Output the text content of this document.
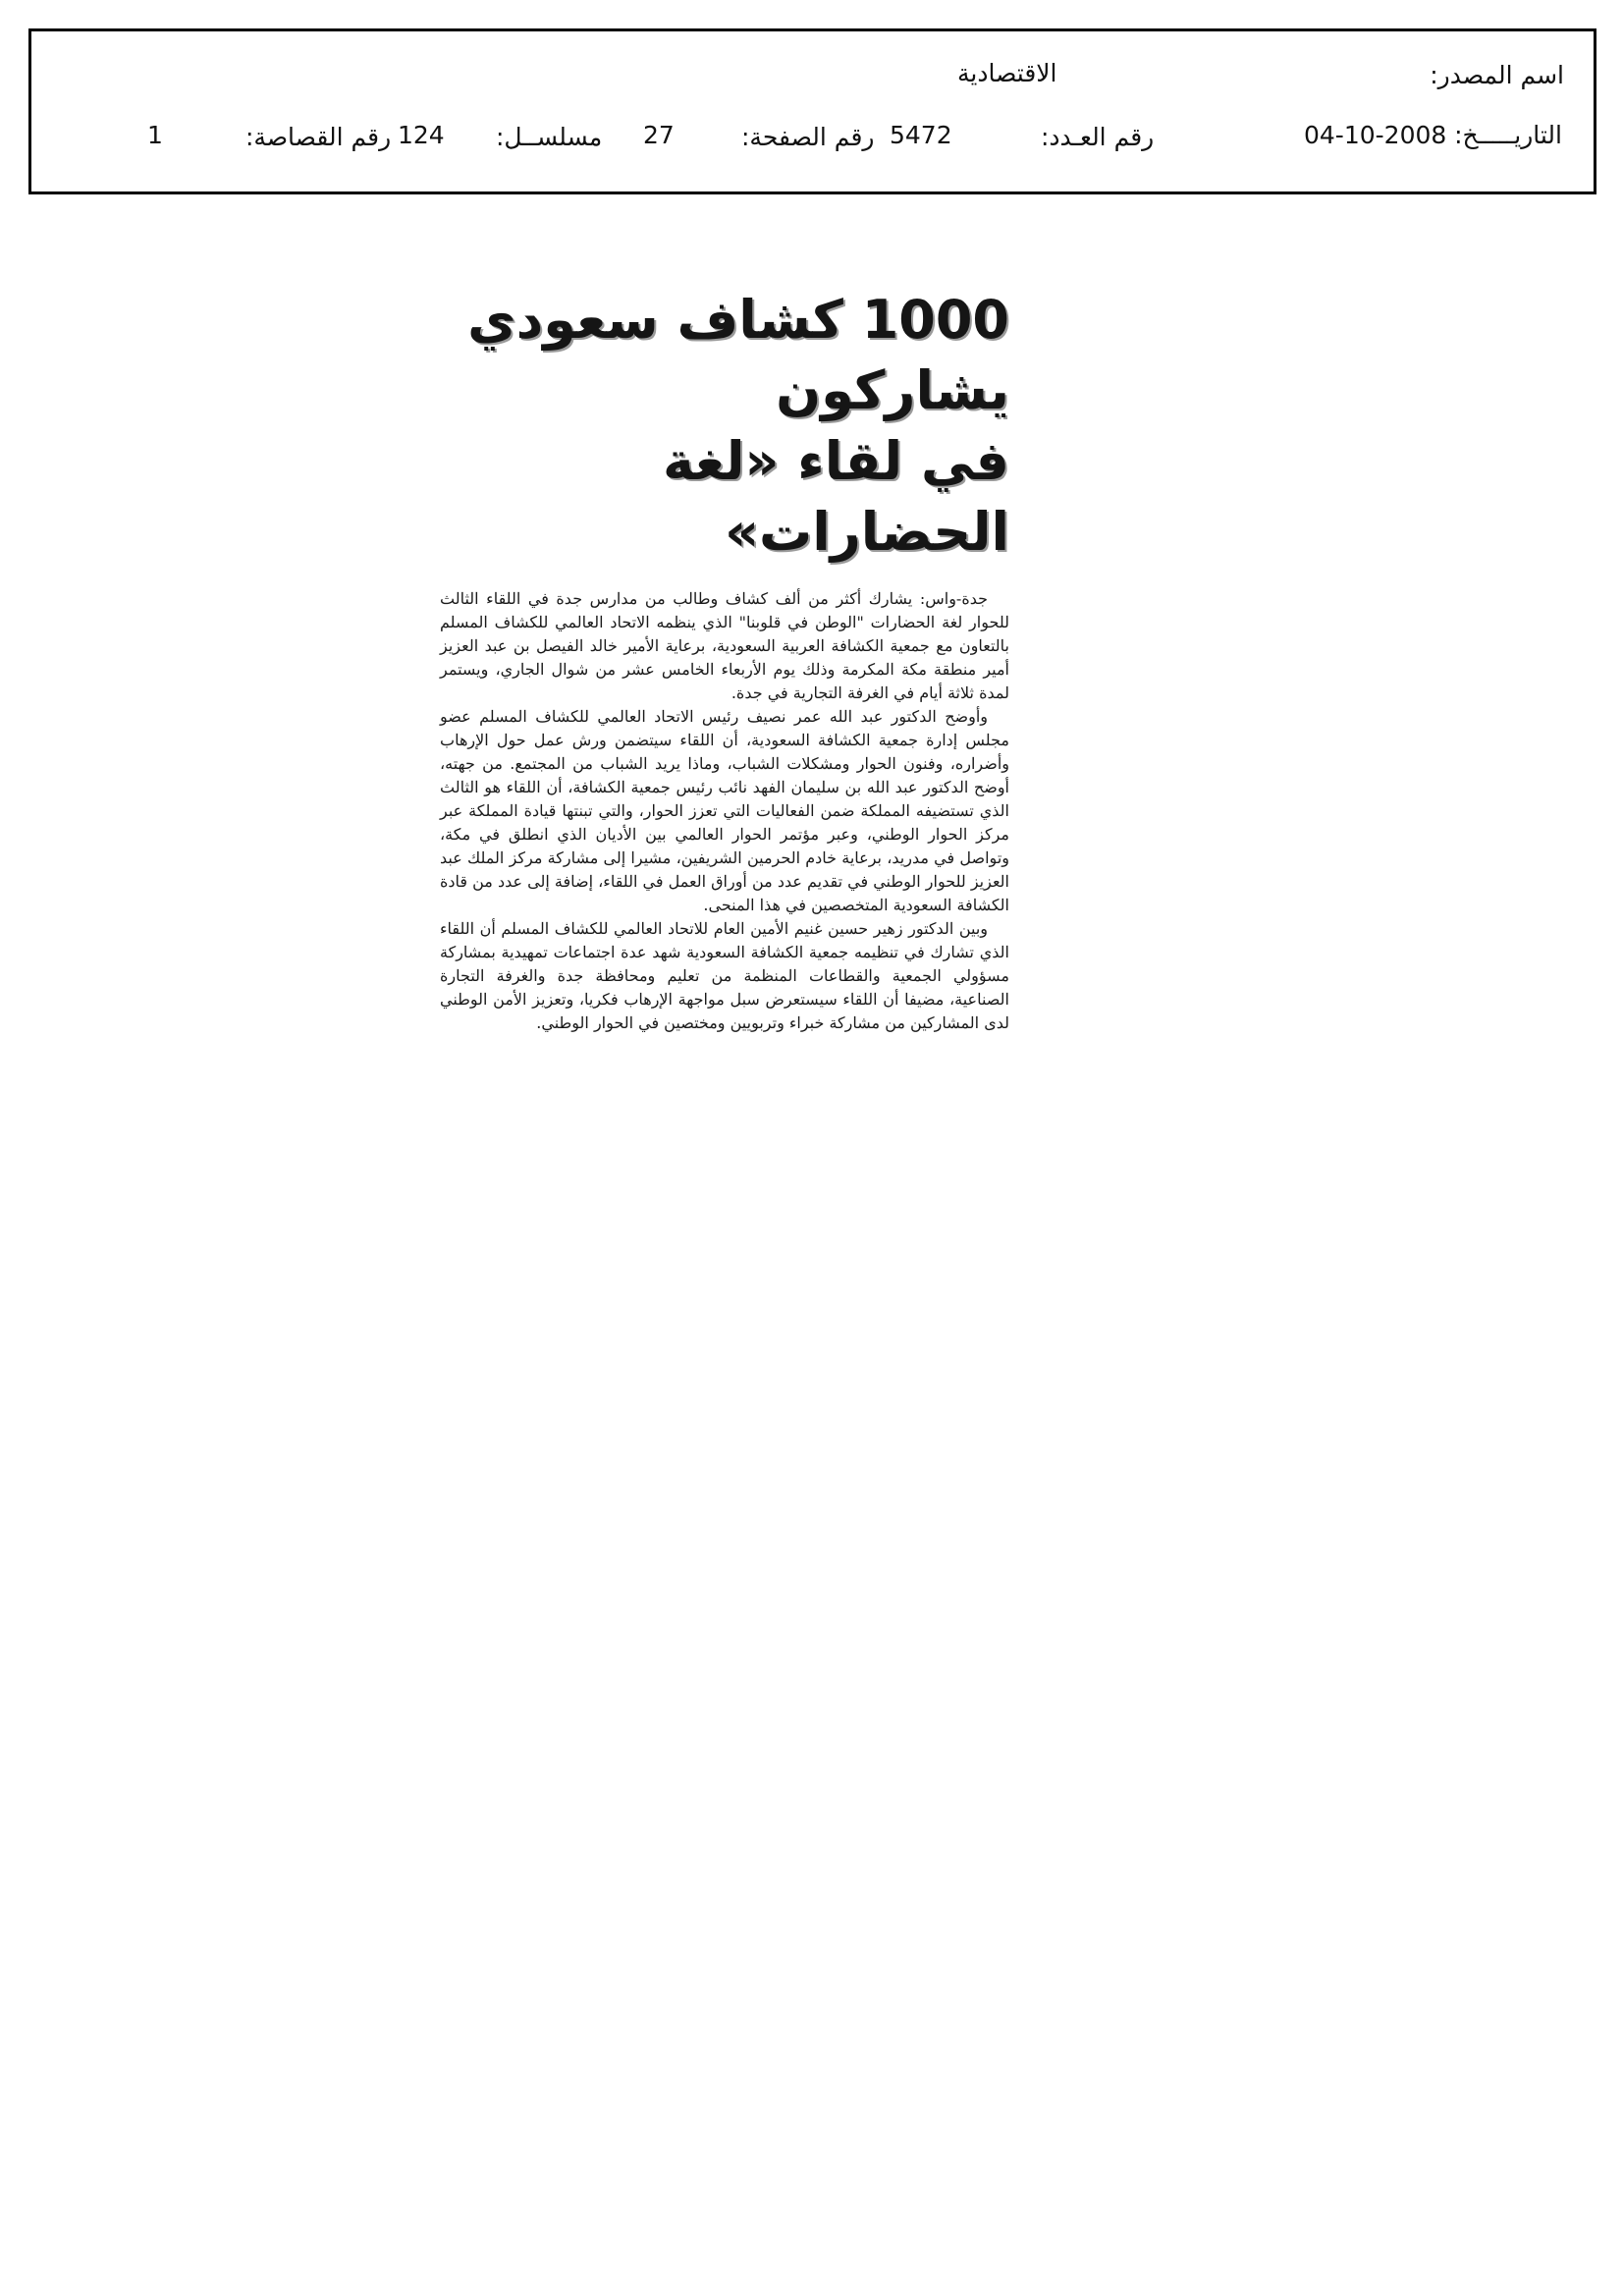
اسم المصدر:
الاقتصادية
التاريـــــخ:
04-10-2008
رقم العـدد:
5472
رقم الصفحة:
27
مسلســل:
124
رقم القصاصة:
1
1000 كشاف سعودي يشاركون
في لقاء «لغة الحضارات»

جدة-واس: يشارك أكثر من ألف كشاف وطالب من مدارس جدة في اللقاء الثالث للحوار لغة الحضارات "الوطن في قلوبنا" الذي ينظمه الاتحاد العالمي للكشاف المسلم بالتعاون مع جمعية الكشافة العربية السعودية، برعاية الأمير خالد الفيصل بن عبد العزيز أمير منطقة مكة المكرمة وذلك يوم الأربعاء الخامس عشر من شوال الجاري، ويستمر لمدة ثلاثة أيام في الغرفة التجارية في جدة.

وأوضح الدكتور عبد الله عمر نصيف رئيس الاتحاد العالمي للكشاف المسلم عضو مجلس إدارة جمعية الكشافة السعودية، أن اللقاء سيتضمن ورش عمل حول الإرهاب وأضراره، وفنون الحوار ومشكلات الشباب، وماذا يريد الشباب من المجتمع. من جهته، أوضح الدكتور عبد الله بن سليمان الفهد نائب رئيس جمعية الكشافة، أن اللقاء هو الثالث الذي تستضيفه المملكة ضمن الفعاليات التي تعزز الحوار، والتي تبنتها قيادة المملكة عبر مركز الحوار الوطني، وعبر مؤتمر الحوار العالمي بين الأديان الذي انطلق في مكة، وتواصل في مدريد، برعاية خادم الحرمين الشريفين، مشيرا إلى مشاركة مركز الملك عبد العزيز للحوار الوطني في تقديم عدد من أوراق العمل في اللقاء، إضافة إلى عدد من قادة الكشافة السعودية المتخصصين في هذا المنحى.

وبين الدكتور زهير حسين غنيم الأمين العام للاتحاد العالمي للكشاف المسلم أن اللقاء الذي تشارك في تنظيمه جمعية الكشافة السعودية شهد عدة اجتماعات تمهيدية بمشاركة مسؤولي الجمعية والقطاعات المنظمة من تعليم ومحافظة جدة والغرفة التجارة الصناعية، مضيفا أن اللقاء سيستعرض سبل مواجهة الإرهاب فكريا، وتعزيز الأمن الوطني لدى المشاركين من مشاركة خبراء وتربويين ومختصين في الحوار الوطني.
